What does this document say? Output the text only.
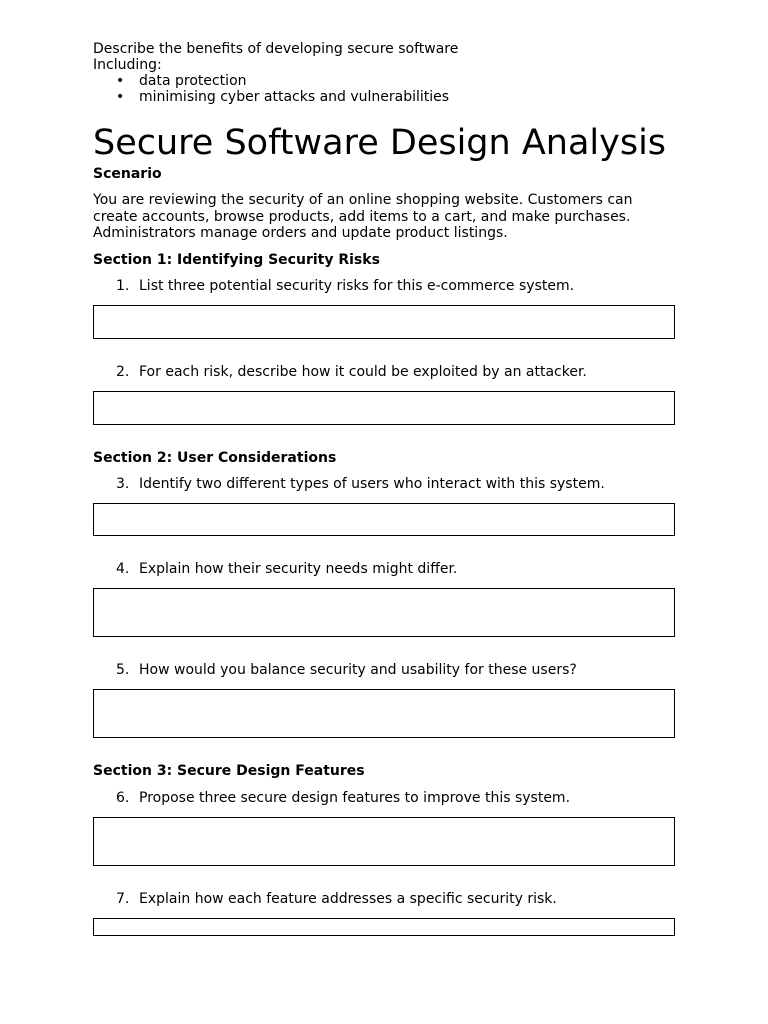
Describe the benefits of developing secure software

Including:

• data protection
• minimising cyber attacks and vulnerabilities
Secure Software Design Analysis

Scenario

You are reviewing the security of an online shopping website. Customers can create accounts, browse products, add items to a cart, and make purchases. Administrators manage orders and update product listings.

Section 1: Identifying Security Risks

1. List three potential security risks for this e-commerce system.

2. For each risk, describe how it could be exploited by an attacker.

Section 2: User Considerations

3. Identify two different types of users who interact with this system.

4. Explain how their security needs might differ.

5. How would you balance security and usability for these users?

Section 3: Secure Design Features

6. Propose three secure design features to improve this system.

7. Explain how each feature addresses a specific security risk.
